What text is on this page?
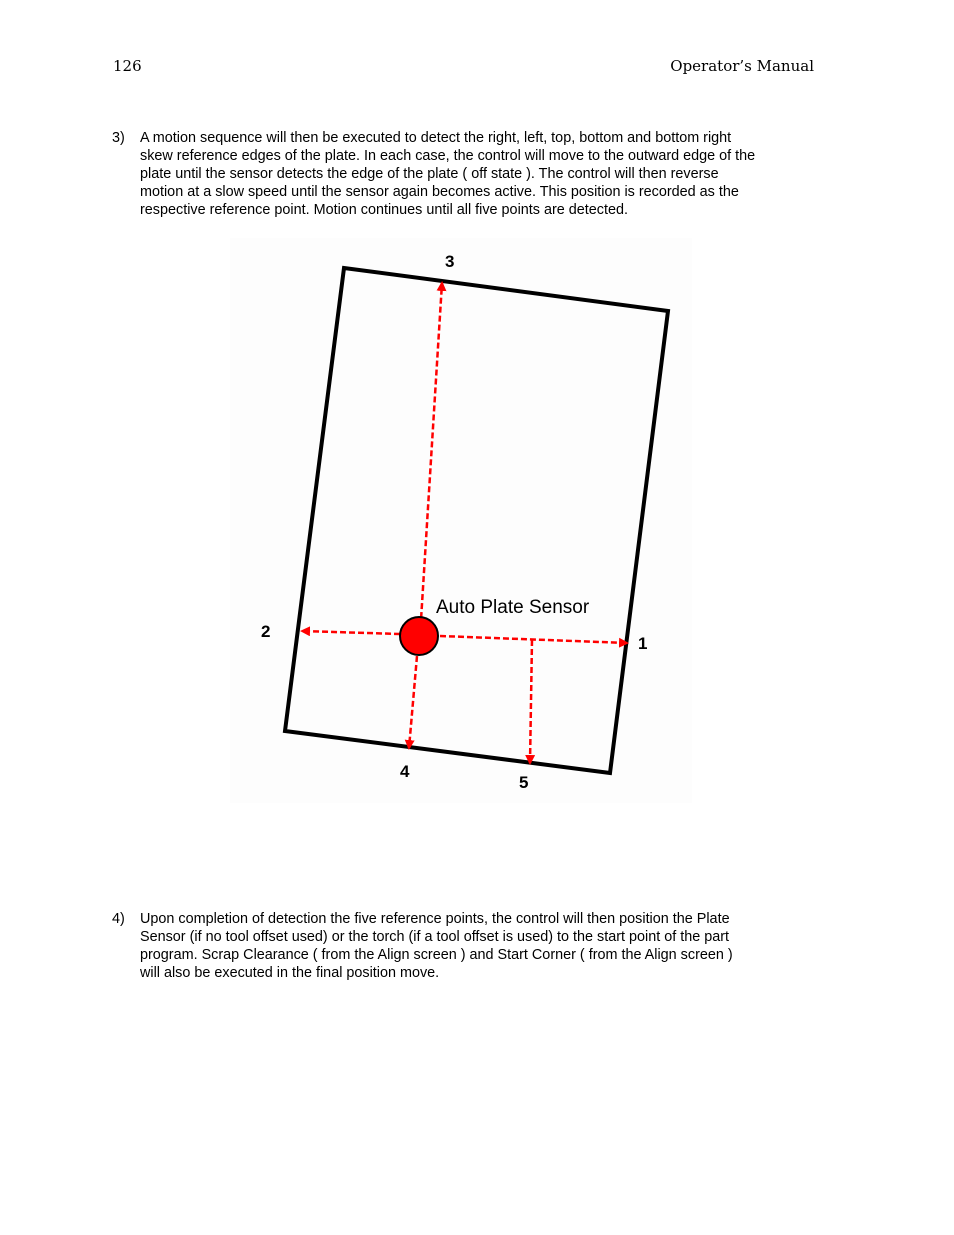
126	Operator’s Manual
3) A motion sequence will then be executed to detect the right, left, top, bottom and bottom right
skew reference edges of the plate. In each case, the control will move to the outward edge of the
plate until the sensor detects the edge of the plate ( off state ). The control will then reverse
motion at a slow speed until the sensor again becomes active. This position is recorded as the
respective reference point. Motion continues until all five points are detected.
Auto Plate Sensor
3
2
1
4
5
4) Upon completion of detection the five reference points, the control will then position the Plate
Sensor (if no tool offset used) or the torch (if a tool offset is used) to the start point of the part
program. Scrap Clearance ( from the Align screen ) and Start Corner ( from the Align screen )
will also be executed in the final position move.
